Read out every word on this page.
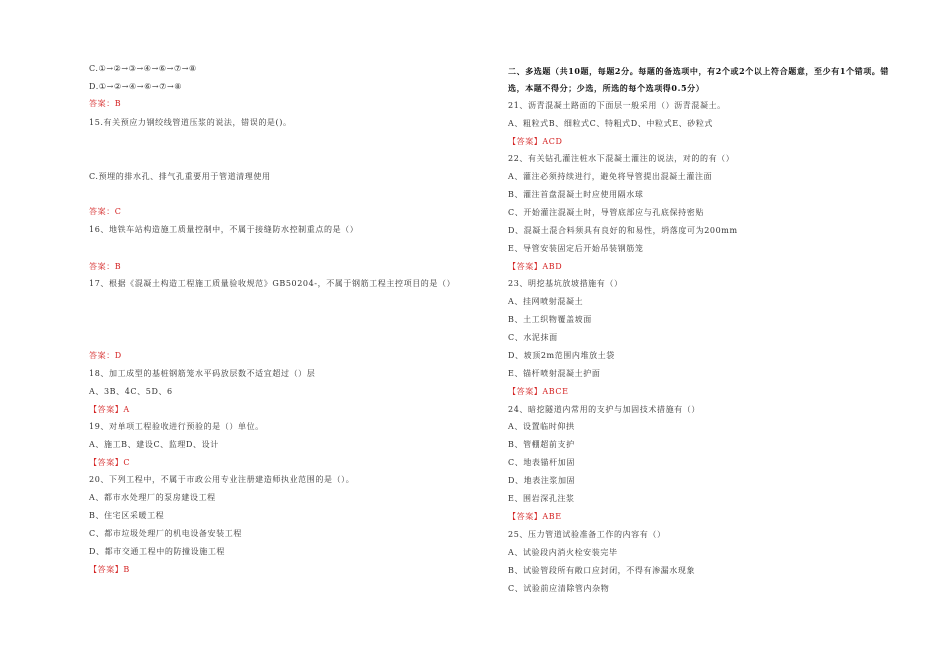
C.①→②→③→④→⑥→⑦→⑧
D.①→②→④→⑥→⑦→⑧
答案：B
15.有关预应力钢绞线管道压浆的说法，错误的是()。
C.预埋的排水孔、排气孔重要用于管道清理使用
答案：C
16、地铁车站构造施工质量控制中，不属于接缝防水控制重点的是（）
答案：B
17、根据《混凝土构造工程施工质量验收规范》GB50204-，不属于钢筋工程主控项目的是（）
答案：D
18、加工成型的基桩钢筋笼水平码放层数不适宜超过（）层
A、3B、4C、5D、6
【答案】A
19、对单项工程验收进行预验的是（）单位。
A、施工B、建设C、监理D、设计
【答案】C
20、下列工程中，不属于市政公用专业注册建造师执业范围的是（）。
A、都市水处理厂的泵房建设工程
B、住宅区采暖工程
C、都市垃圾处理厂的机电设备安装工程
D、都市交通工程中的防撞设施工程
【答案】B
二、多选题（共10题，每题2分。每题的备选项中，有2个或2个以上符合题意，至少有1个错项。错选，本题不得分；少选，所选的每个选项得0.5分）
21、沥青混凝土路面的下面层一般采用（）沥青混凝土。
A、粗粒式B、细粒式C、特粗式D、中粒式E、砂粒式
【答案】ACD
22、有关钻孔灌注桩水下混凝土灌注的说法，对的的有（）
A、灌注必须持续进行，避免将导管提出混凝土灌注面
B、灌注首盘混凝土时应使用隔水球
C、开始灌注混凝土时，导管底部应与孔底保持密贴
D、混凝土混合料须具有良好的和易性，坍落度可为200mm
E、导管安装固定后开始吊装钢筋笼
【答案】ABD
23、明挖基坑放坡措施有（）
A、挂网喷射混凝土
B、土工织物覆盖坡面
C、水泥抹面
D、坡顶2m范围内堆放土袋
E、锚杆喷射混凝土护面
【答案】ABCE
24、暗挖隧道内常用的支护与加固技术措施有（）
A、设置临时仰拱
B、管棚超前支护
C、地表锚杆加固
D、地表注浆加固
E、围岩深孔注浆
【答案】ABE
25、压力管道试验准备工作的内容有（）
A、试验段内消火栓安装完毕
B、试验管段所有敞口应封闭，不得有渗漏水现象
C、试验前应清除管内杂物
